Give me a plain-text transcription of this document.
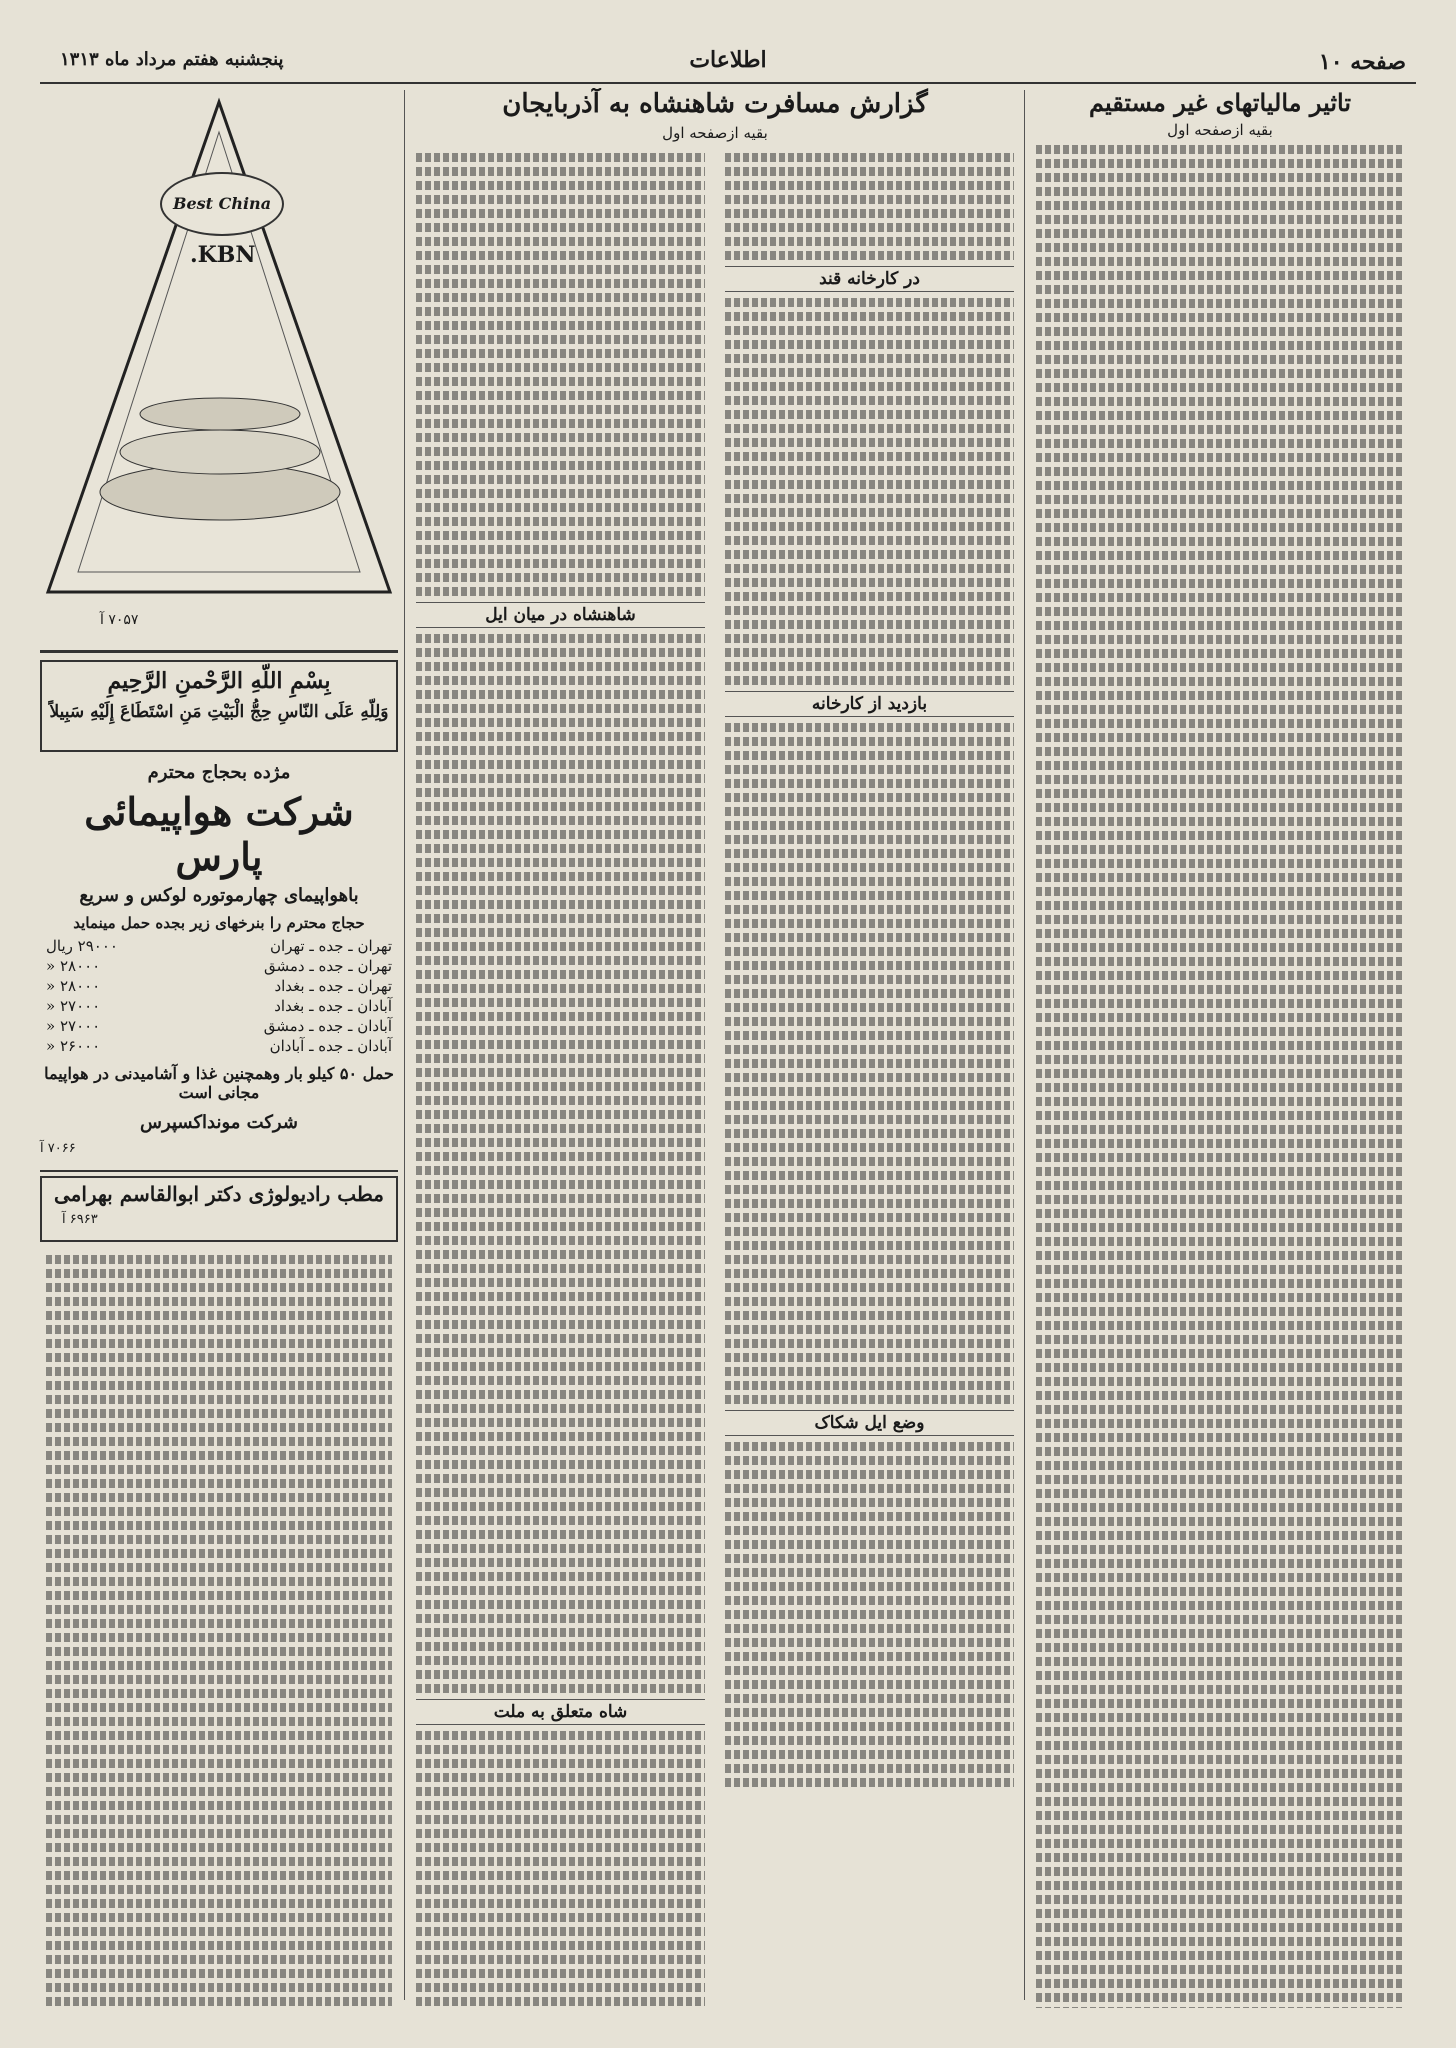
صفحه ۱۰
اطلاعات
پنجشنبه هفتم مرداد ماه ۱۳۱۳
تاثیر مالیاتهای غیر مستقیم
بقیه ازصفحه اول
گزارش مسافرت شاهنشاه به آذربایجان
بقیه ازصفحه اول
در کارخانه قند
بازدید از کارخانه
وضع ایل شکاک
شاهنشاه در میان ایل
شاه متعلق به ملت
Best China
KBN.
۷۰۵۷ آ
بِسْمِ اللّهِ الرَّحْمنِ الرَّحِیمِ
وَلِلّهِ عَلَی النّاسِ حِجُّ الْبَیْتِ مَنِ اسْتَطَاعَ إِلَیْهِ سَبِیلاً
مژده بحجاج محترم
شرکت هواپیمائی پارس
باهواپیمای چهارموتوره لوکس و سریع
حجاج محترم را بنرخهای زیر بجده حمل مینماید
تهران ـ جده ـ تهران	۲۹۰۰۰ ریال
تهران ـ جده ـ دمشق	۲۸۰۰۰ «
تهران ـ جده ـ بغداد	۲۸۰۰۰ «
آبادان ـ جده ـ بغداد	۲۷۰۰۰ «
آبادان ـ جده ـ دمشق	۲۷۰۰۰ «
آبادان ـ جده ـ آبادان	۲۶۰۰۰ «
حمل ۵۰ کیلو بار وهمچنین غذا و آشامیدنی در هواپیما مجانی است
شرکت مونداکسپرس
۷۰۶۶ آ
مطب رادیولوژی دکتر ابوالقاسم بهرامی
۶۹۶۳ آ
